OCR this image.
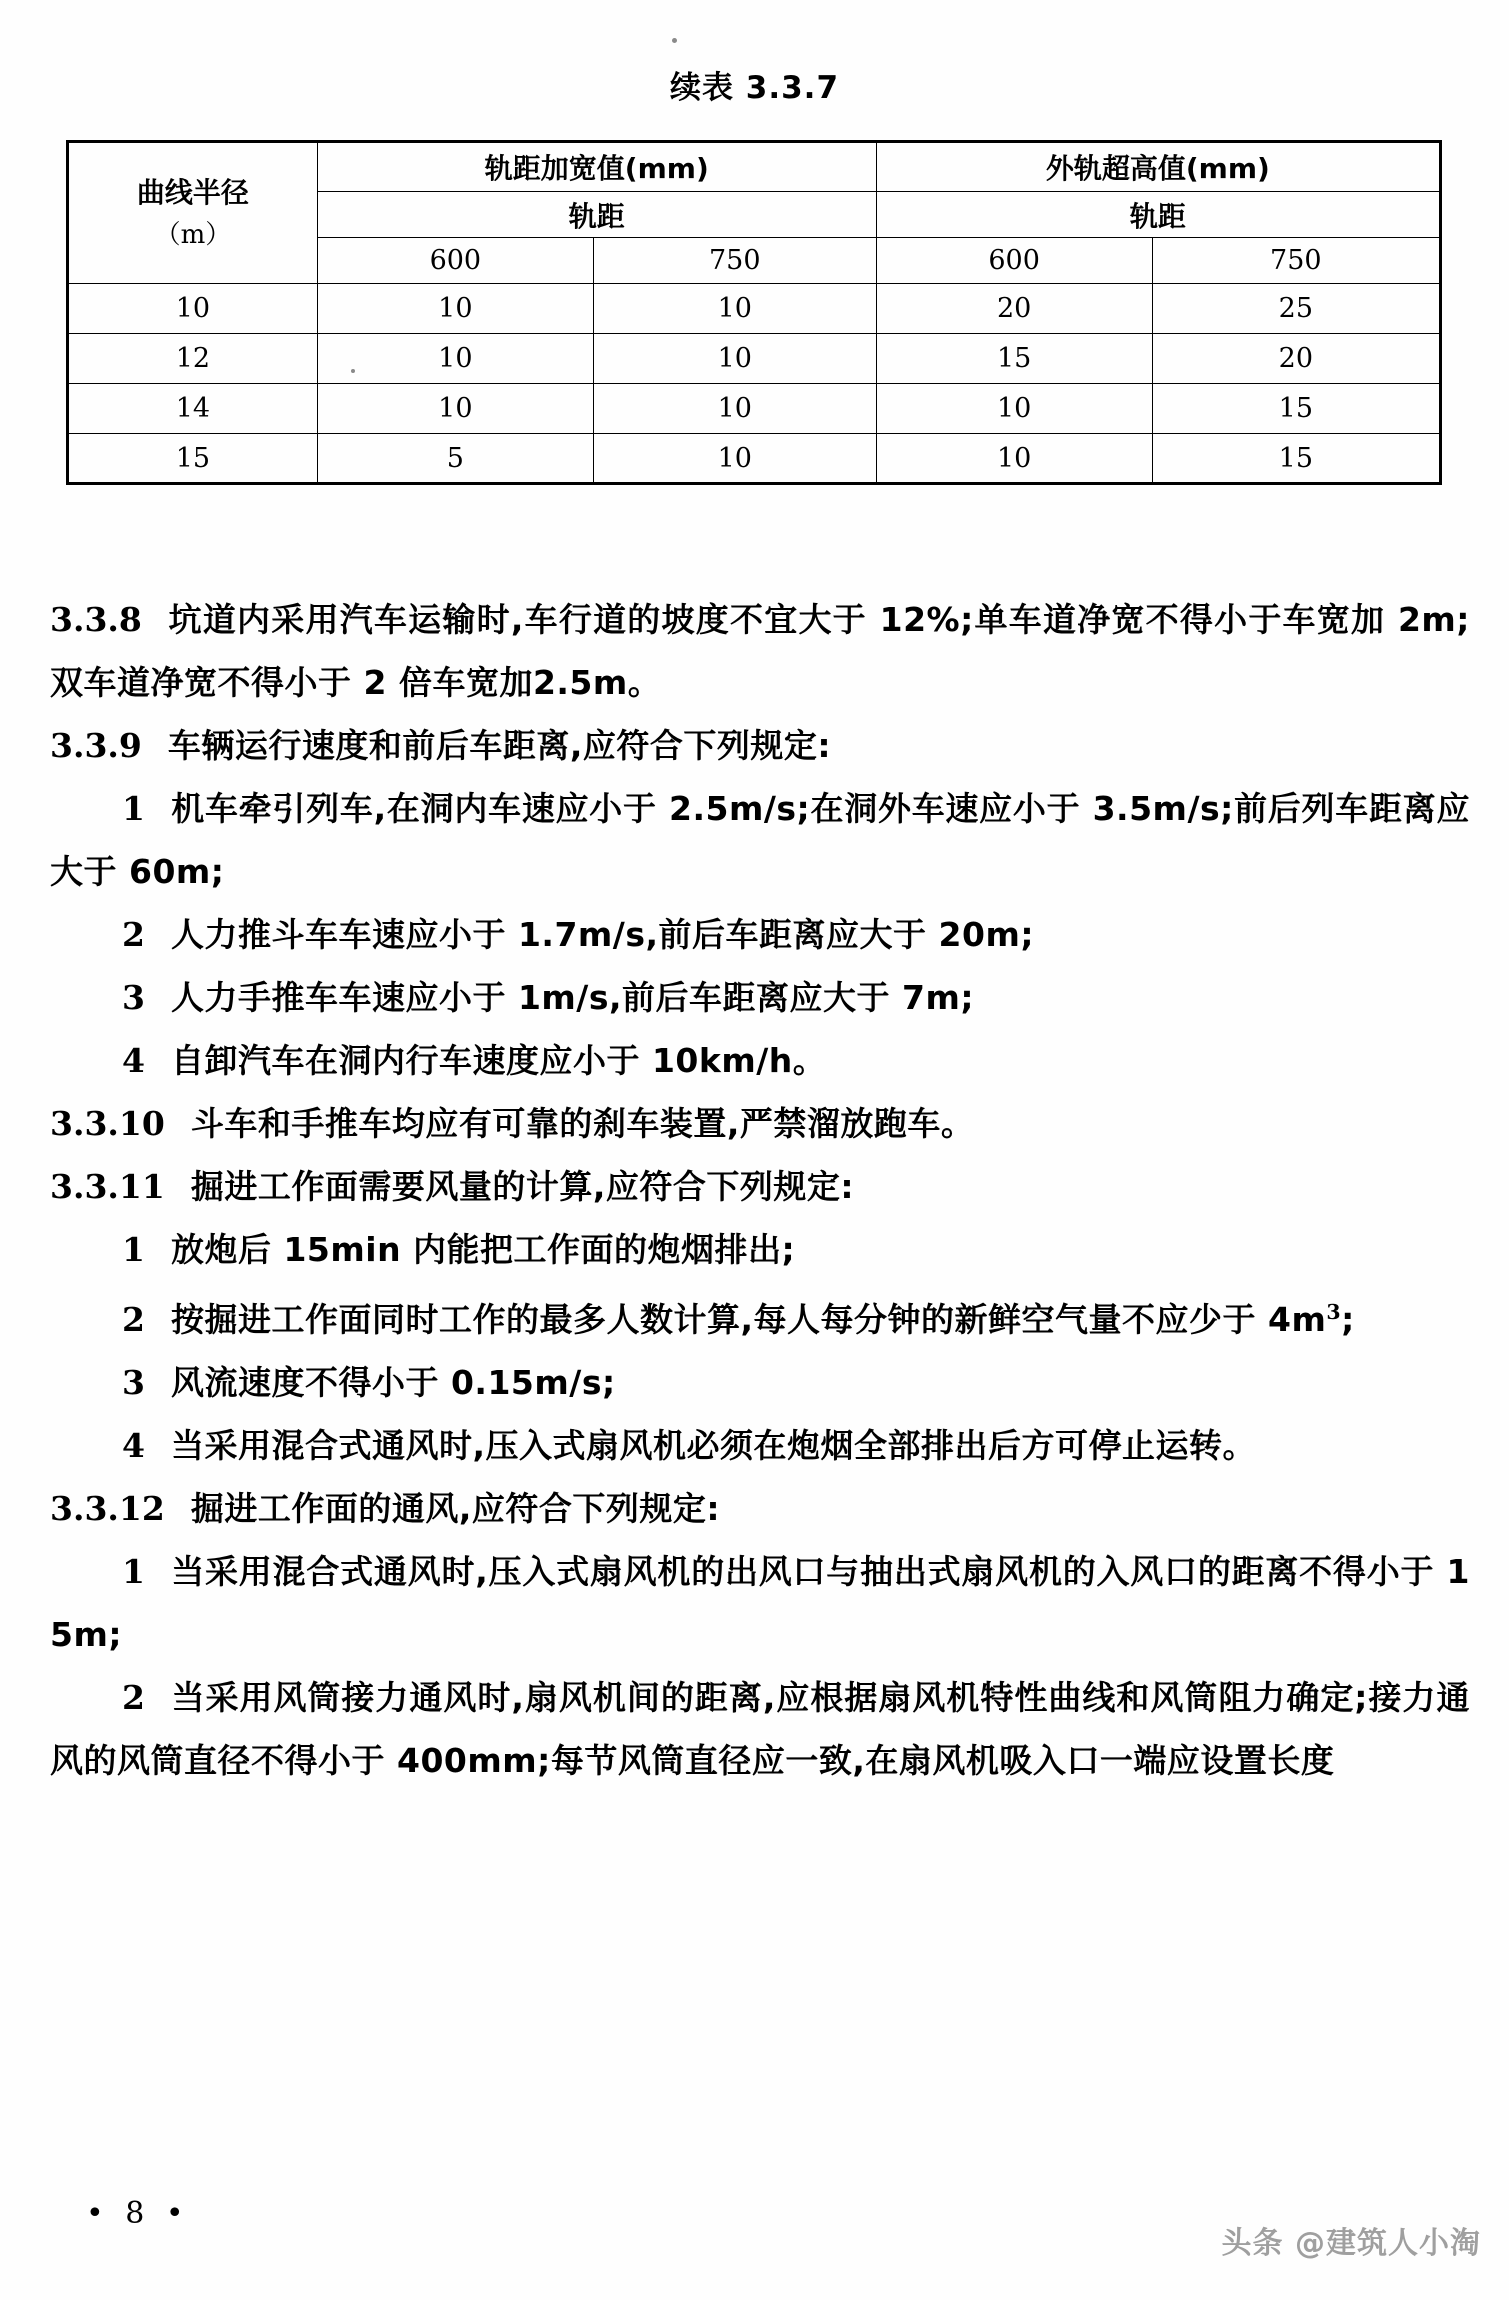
续表 3.3.7
曲线半径
（m）	轨距加宽值(mm)		外轨超高值(mm)	
	轨距		轨距	
	600	750	600	750
10	10	10	20	25
12	10	10	15	20
14	10	10	10	15
15	5	10	10	15

3.3.8 坑道内采用汽车运输时,车行道的坡度不宜大于 12%;单车道净宽不得小于车宽加 2m;双车道净宽不得小于 2 倍车宽加2.5m。

3.3.9 车辆运行速度和前后车距离,应符合下列规定:

1 机车牵引列车,在洞内车速应小于 2.5m/s;在洞外车速应小于 3.5m/s;前后列车距离应大于 60m;

2 人力推斗车车速应小于 1.7m/s,前后车距离应大于 20m;

3 人力手推车车速应小于 1m/s,前后车距离应大于 7m;

4 自卸汽车在洞内行车速度应小于 10km/h。

3.3.10 斗车和手推车均应有可靠的刹车装置,严禁溜放跑车。

3.3.11 掘进工作面需要风量的计算,应符合下列规定:

1 放炮后 15min 内能把工作面的炮烟排出;

2 按掘进工作面同时工作的最多人数计算,每人每分钟的新鲜空气量不应少于 $4m^3$;

3 风流速度不得小于 0.15m/s;

4 当采用混合式通风时,压入式扇风机必须在炮烟全部排出后方可停止运转。

3.3.12 掘进工作面的通风,应符合下列规定:

1 当采用混合式通风时,压入式扇风机的出风口与抽出式扇风机的入风口的距离不得小于 15m;

2 当采用风筒接力通风时,扇风机间的距离,应根据扇风机特性曲线和风筒阻力确定;接力通风的风筒直径不得小于 400mm;每节风筒直径应一致,在扇风机吸入口一端应设置长度

• 8 •
头条 @建筑人小淘
